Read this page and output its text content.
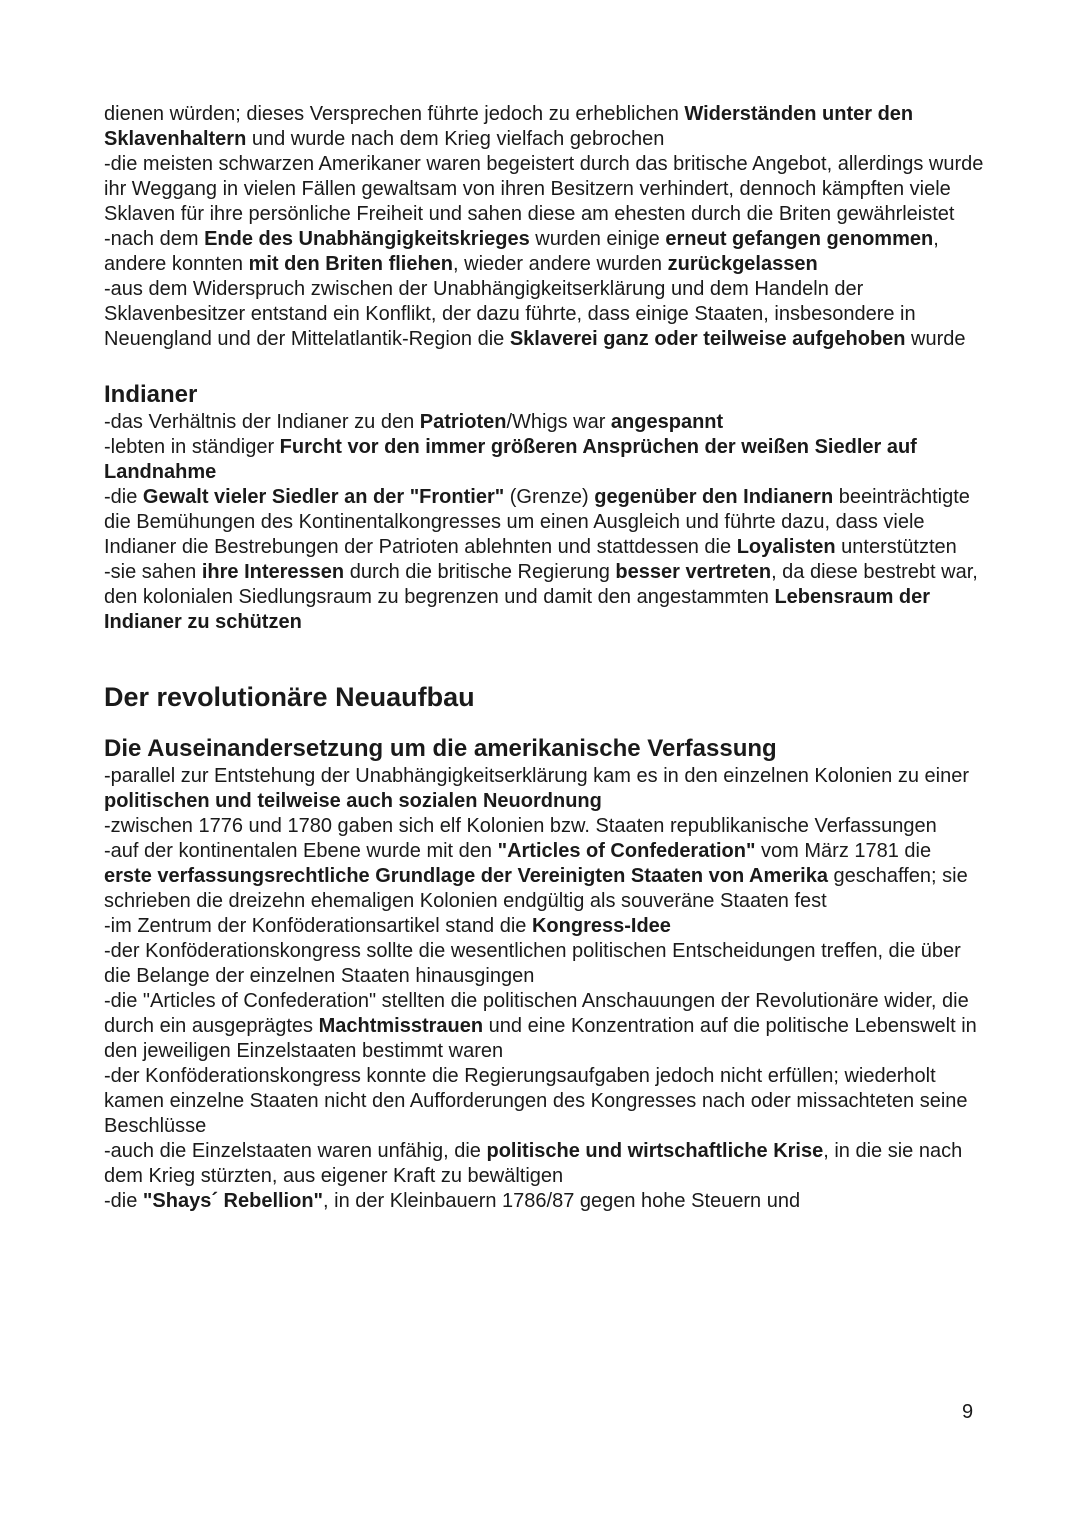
dienen würden; dieses Versprechen führte jedoch zu erheblichen Widerständen unter den Sklavenhaltern und wurde nach dem Krieg vielfach gebrochen

-die meisten schwarzen Amerikaner waren begeistert durch das britische Angebot, allerdings wurde ihr Weggang in vielen Fällen gewaltsam von ihren Besitzern verhindert, dennoch kämpften viele Sklaven für ihre persönliche Freiheit und sahen diese am ehesten durch die Briten gewährleistet

-nach dem Ende des Unabhängigkeitskrieges wurden einige erneut gefangen genommen, andere konnten mit den Briten fliehen, wieder andere wurden zurückgelassen

-aus dem Widerspruch zwischen der Unabhängigkeitserklärung und dem Handeln der Sklavenbesitzer entstand ein Konflikt, der dazu führte, dass einige Staaten, insbesondere in Neuengland und der Mittelatlantik-Region die Sklaverei ganz oder teilweise aufgehoben wurde

Indianer

-das Verhältnis der Indianer zu den Patrioten/Whigs war angespannt

-lebten in ständiger Furcht vor den immer größeren Ansprüchen der weißen Siedler auf Landnahme

-die Gewalt vieler Siedler an der "Frontier" (Grenze) gegenüber den Indianern beeinträchtigte die Bemühungen des Kontinentalkongresses um einen Ausgleich und führte dazu, dass viele Indianer die Bestrebungen der Patrioten ablehnten und stattdessen die Loyalisten unterstützten

-sie sahen ihre Interessen durch die britische Regierung besser vertreten, da diese bestrebt war, den kolonialen Siedlungsraum zu begrenzen und damit den angestammten Lebensraum der Indianer zu schützen

Der revolutionäre Neuaufbau
Die Auseinandersetzung um die amerikanische Verfassung

-parallel zur Entstehung der Unabhängigkeitserklärung kam es in den einzelnen Kolonien zu einer politischen und teilweise auch sozialen Neuordnung

-zwischen 1776 und 1780 gaben sich elf Kolonien bzw. Staaten republikanische Verfassungen

-auf der kontinentalen Ebene wurde mit den "Articles of Confederation" vom März 1781 die erste verfassungsrechtliche Grundlage der Vereinigten Staaten von Amerika geschaffen; sie schrieben die dreizehn ehemaligen Kolonien endgültig als souveräne Staaten fest

-im Zentrum der Konföderationsartikel stand die Kongress-Idee

-der Konföderationskongress sollte die wesentlichen politischen Entscheidungen treffen, die über die Belange der einzelnen Staaten hinausgingen

-die "Articles of Confederation" stellten die politischen Anschauungen der Revolutionäre wider, die durch ein ausgeprägtes Machtmisstrauen und eine Konzentration auf die politische Lebenswelt in den jeweiligen Einzelstaaten bestimmt waren

-der Konföderationskongress konnte die Regierungsaufgaben jedoch nicht erfüllen; wiederholt kamen einzelne Staaten nicht den Aufforderungen des Kongresses nach oder missachteten seine Beschlüsse

-auch die Einzelstaaten waren unfähig, die politische und wirtschaftliche Krise, in die sie nach dem Krieg stürzten, aus eigener Kraft zu bewältigen

-die "Shays´ Rebellion", in der Kleinbauern 1786/87 gegen hohe Steuern und

9
